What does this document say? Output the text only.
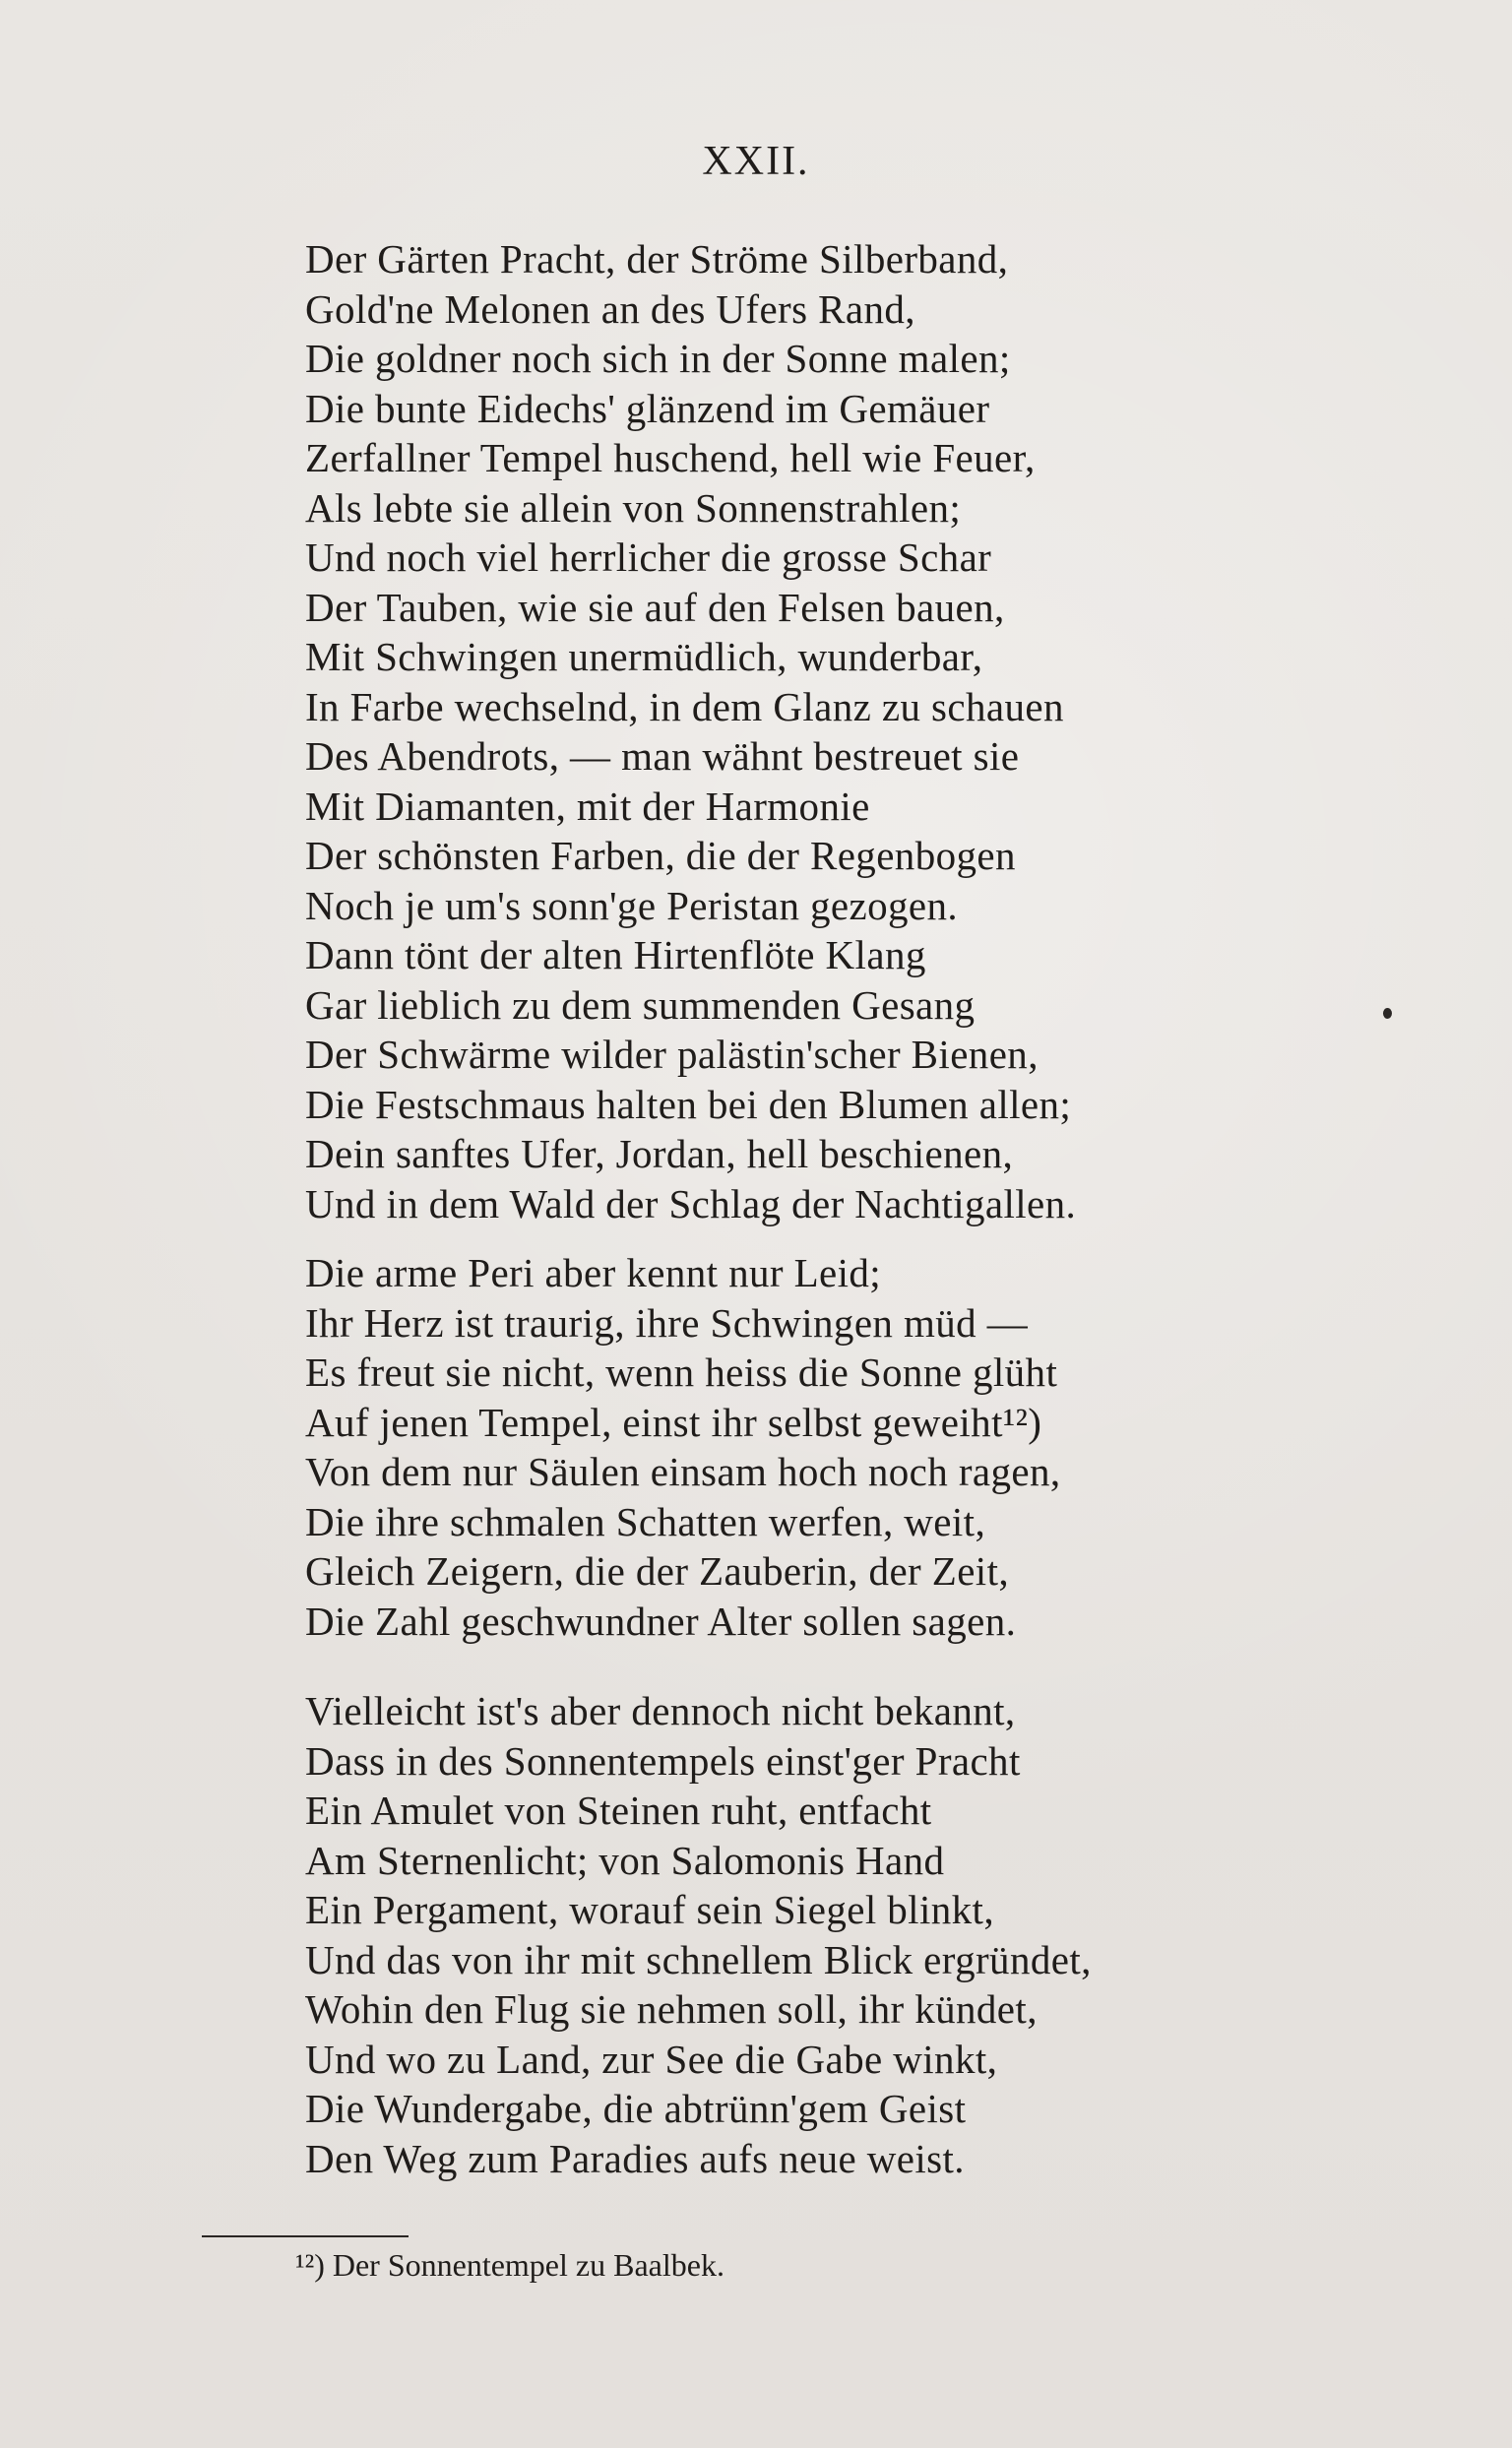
XXII.
Der Gärten Pracht, der Ströme Silberband,
Gold'ne Melonen an des Ufers Rand,
Die goldner noch sich in der Sonne malen;
Die bunte Eidechs' glänzend im Gemäuer
Zerfallner Tempel huschend, hell wie Feuer,
Als lebte sie allein von Sonnenstrahlen;
Und noch viel herrlicher die grosse Schar
Der Tauben, wie sie auf den Felsen bauen,
Mit Schwingen unermüdlich, wunderbar,
In Farbe wechselnd, in dem Glanz zu schauen
Des Abendrots, — man wähnt bestreuet sie
Mit Diamanten, mit der Harmonie
Der schönsten Farben, die der Regenbogen
Noch je um's sonn'ge Peristan gezogen.
Dann tönt der alten Hirtenflöte Klang
Gar lieblich zu dem summenden Gesang
Der Schwärme wilder palästin'scher Bienen,
Die Festschmaus halten bei den Blumen allen;
Dein sanftes Ufer, Jordan, hell beschienen,
Und in dem Wald der Schlag der Nachtigallen.
Die arme Peri aber kennt nur Leid;
Ihr Herz ist traurig, ihre Schwingen müd —
Es freut sie nicht, wenn heiss die Sonne glüht
Auf jenen Tempel, einst ihr selbst geweiht¹²)
Von dem nur Säulen einsam hoch noch ragen,
Die ihre schmalen Schatten werfen, weit,
Gleich Zeigern, die der Zauberin, der Zeit,
Die Zahl geschwundner Alter sollen sagen.
Vielleicht ist's aber dennoch nicht bekannt,
Dass in des Sonnentempels einst'ger Pracht
Ein Amulet von Steinen ruht, entfacht
Am Sternenlicht; von Salomonis Hand
Ein Pergament, worauf sein Siegel blinkt,
Und das von ihr mit schnellem Blick ergründet,
Wohin den Flug sie nehmen soll, ihr kündet,
Und wo zu Land, zur See die Gabe winkt,
Die Wundergabe, die abtrünn'gem Geist
Den Weg zum Paradies aufs neue weist.
¹²) Der Sonnentempel zu Baalbek.
